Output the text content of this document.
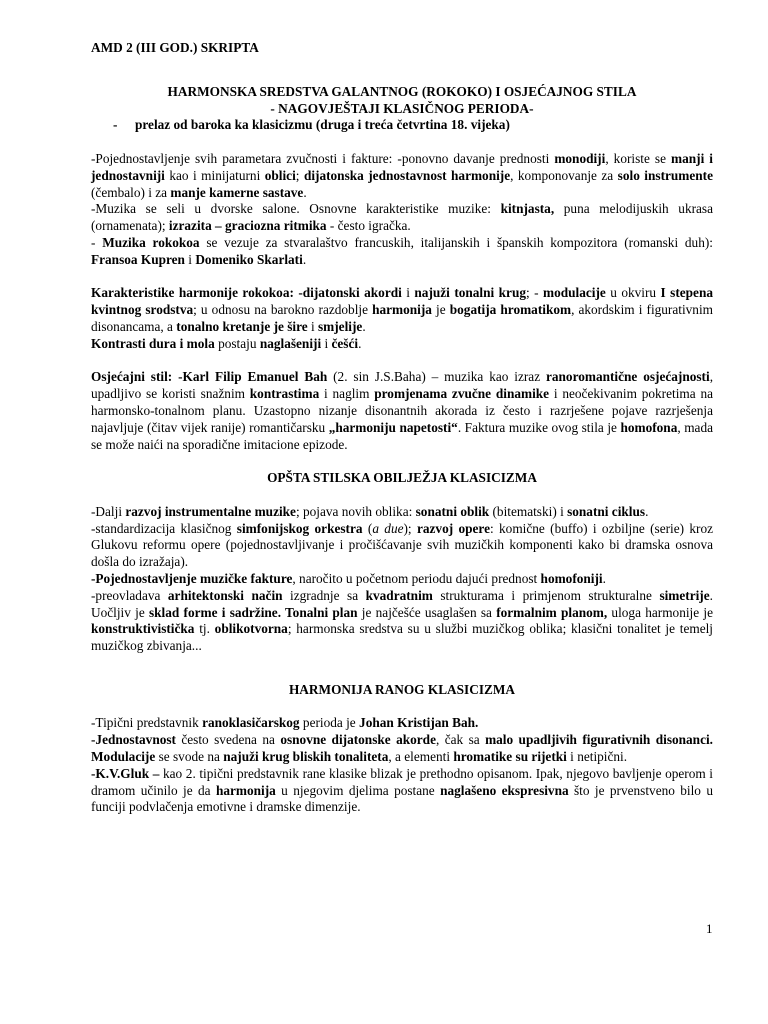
AMD 2 (III GOD.) SKRIPTA
HARMONSKA SREDSTVA GALANTNOG (ROKOKO) I OSJEĆAJNOG STILA
- NAGOVJEŠTAJI KLASIČNOG PERIODA-
- prelaz od baroka ka klasicizmu (druga i treća četvrtina 18. vijeka)

-Pojednostavljenje svih parametara zvučnosti i fakture: -ponovno davanje prednosti monodiji, koriste se manji i jednostavniji kao i minijaturni oblici; dijatonska jednostavnost harmonije, komponovanje za solo instrumente (čembalo) i za manje kamerne sastave.

-Muzika se seli u dvorske salone. Osnovne karakteristike muzike: kitnjasta, puna melodijuskih ukrasa (ornamenata); izrazita – graciozna ritmika - često igračka.

- Muzika rokokoa se vezuje za stvaralaštvo francuskih, italijanskih i španskih kompozitora (romanski duh): Fransoa Kupren i Domeniko Skarlati.

Karakteristike harmonije rokokoa: -dijatonski akordi i najuži tonalni krug; - modulacije u okviru I stepena kvintnog srodstva; u odnosu na barokno razdoblje harmonija je bogatija hromatikom, akordskim i figurativnim disonancama, a tonalno kretanje je šire i smjelije.

Kontrasti dura i mola postaju naglašeniji i češći.

Osjećajni stil: -Karl Filip Emanuel Bah (2. sin J.S.Baha) – muzika kao izraz ranoromantične osjećajnosti, upadljivo se koristi snažnim kontrastima i naglim promjenama zvučne dinamike i neočekivanim pokretima na harmonsko-tonalnom planu. Uzastopno nizanje disonantnih akorada iz često i razrješene pojave razrješenja najavljuje (čitav vijek ranije) romantičarsku „harmoniju napetosti“. Faktura muzike ovog stila je homofona, mada se može naići na sporadične imitacione epizode.

OPŠTA STILSKA OBILJEŽJA KLASICIZMA

-Dalji razvoj instrumentalne muzike; pojava novih oblika: sonatni oblik (bitematski) i sonatni ciklus.

-standardizacija klasičnog simfonijskog orkestra (a due); razvoj opere: komične (buffo) i ozbiljne (serie) kroz Glukovu reformu opere (pojednostavljivanje i pročišćavanje svih muzičkih komponenti kako bi dramska osnova došla do izražaja).

-Pojednostavljenje muzičke fakture, naročito u početnom periodu dajući prednost homofoniji.

-preovladava arhitektonski način izgradnje sa kvadratnim strukturama i primjenom strukturalne simetrije. Uočljiv je sklad forme i sadržine. Tonalni plan je najčešće usaglašen sa formalnim planom, uloga harmonije je konstruktivistička tj. oblikotvorna; harmonska sredstva su u službi muzičkog oblika; klasični tonalitet je temelj muzičkog zbivanja...

HARMONIJA RANOG KLASICIZMA

-Tipični predstavnik ranoklasičarskog perioda je Johan Kristijan Bah.

-Jednostavnost često svedena na osnovne dijatonske akorde, čak sa malo upadljivih figurativnih disonanci. Modulacije se svode na najuži krug bliskih tonaliteta, a elementi hromatike su rijetki i netipični.

-K.V.Gluk – kao 2. tipični predstavnik rane klasike blizak je prethodno opisanom. Ipak, njegovo bavljenje operom i dramom učinilo je da harmonija u njegovim djelima postane naglašeno ekspresivna što je prvenstveno bilo u funciji podvlačenja emotivne i dramske dimenzije.

1
